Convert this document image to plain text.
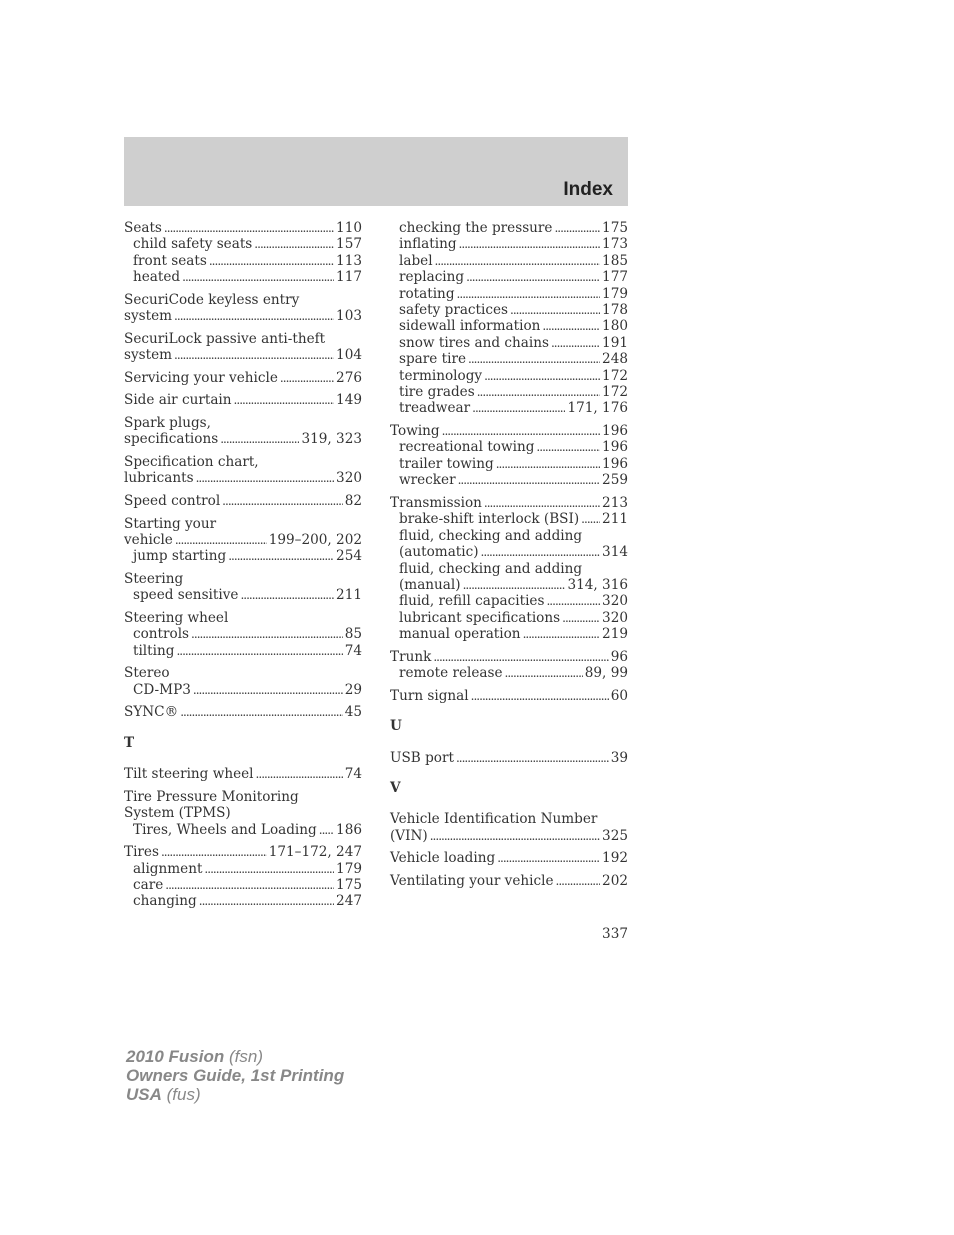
Index
Seats . . .	110
child safety seats . . .	157
front seats . . .	113
heated . . .	117
SecuriCode keyless entry
system . . .	103
SecuriLock passive anti-theft
system . . .	104
Servicing your vehicle . . .	276
Side air curtain . . .	149
Spark plugs,
specifications . . .	319, 323
Specification chart,
lubricants . . .	320
Speed control . . .	82
Starting your
vehicle . . .	199–200, 202
jump starting . . .	254
Steering
speed sensitive . . .	211
Steering wheel
controls . . .	85
tilting . . .	74
Stereo
CD-MP3 . . .	29
SYNC® . . .	45
T
Tilt steering wheel . . .	74
Tire Pressure Monitoring
System (TPMS)
Tires, Wheels and Loading . . . 186
Tires . . .	171–172, 247
alignment . . .	179
care . . .	175
changing . . .	247
checking the pressure . . .	175
inflating . . .	173
label . . .	185
replacing . . .	177
rotating . . .	179
safety practices . . .	178
sidewall information . . .	180
snow tires and chains . . .	191
spare tire . . .	248
terminology . . .	172
tire grades . . .	172
treadwear . . .	171, 176
Towing . . .	196
recreational towing . . .	196
trailer towing . . .	196
wrecker . . .	259
Transmission . . .	213
brake-shift interlock (BSI) . . . 211
fluid, checking and adding
(automatic) . . .	314
fluid, checking and adding
(manual) . . .	314, 316
fluid, refill capacities . . .	320
lubricant specifications . . .	320
manual operation . . .	219
Trunk . . .	96
remote release . . .	89, 99
Turn signal . . .	60
U
USB port . . .	39
V
Vehicle Identification Number
(VIN) . . .	325
Vehicle loading . . .	192
Ventilating your vehicle . . .	202
337
2010 Fusion (fsn)
Owners Guide, 1st Printing
USA (fus)
